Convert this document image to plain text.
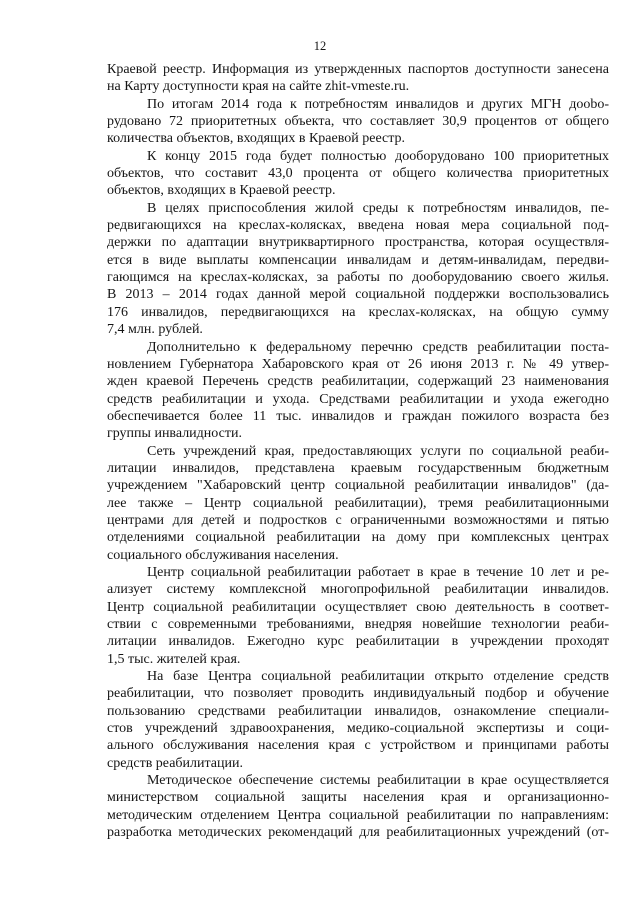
12
Краевой реестр. Информация из утвержденных паспортов доступности занесена
на Карту доступности края на сайте zhit-vmeste.ru.
По итогам 2014 года к потребностям инвалидов и других МГН доobo-
рудовано 72 приоритетных объекта, что составляет 30,9 процентов от общего
количества объектов, входящих в Краевой реестр.
К концу 2015 года будет полностью дооборудовано 100 приоритетных
объектов, что составит 43,0 процента от общего количества приоритетных
объектов, входящих в Краевой реестр.
В целях приспособления жилой среды к потребностям инвалидов, пе-
редвигающихся на креслах-колясках, введена новая мера социальной под-
держки по адаптации внутриквартирного пространства, которая осуществля-
ется в виде выплаты компенсации инвалидам и детям-инвалидам, передви-
гающимся на креслах-колясках, за работы по дооборудованию своего жилья.
В 2013 – 2014 годах данной мерой социальной поддержки воспользовались
176 инвалидов, передвигающихся на креслах-колясках, на общую сумму
7,4 млн. рублей.
Дополнительно к федеральному перечню средств реабилитации поста-
новлением Губернатора Хабаровского края от 26 июня 2013 г. № 49 утвер-
жден краевой Перечень средств реабилитации, содержащий 23 наименования
средств реабилитации и ухода. Средствами реабилитации и ухода ежегодно
обеспечивается более 11 тыс. инвалидов и граждан пожилого возраста без
группы инвалидности.
Сеть учреждений края, предоставляющих услуги по социальной реаби-
литации инвалидов, представлена краевым государственным бюджетным
учреждением "Хабаровский центр социальной реабилитации инвалидов" (да-
лее также – Центр социальной реабилитации), тремя реабилитационными
центрами для детей и подростков с ограниченными возможностями и пятью
отделениями социальной реабилитации на дому при комплексных центрах
социального обслуживания населения.
Центр социальной реабилитации работает в крае в течение 10 лет и ре-
ализует систему комплексной многопрофильной реабилитации инвалидов.
Центр социальной реабилитации осуществляет свою деятельность в соответ-
ствии с современными требованиями, внедряя новейшие технологии реаби-
литации инвалидов. Ежегодно курс реабилитации в учреждении проходят
1,5 тыс. жителей края.
На базе Центра социальной реабилитации открыто отделение средств
реабилитации, что позволяет проводить индивидуальный подбор и обучение
пользованию средствами реабилитации инвалидов, ознакомление специали-
стов учреждений здравоохранения, медико-социальной экспертизы и соци-
ального обслуживания населения края с устройством и принципами работы
средств реабилитации.
Методическое обеспечение системы реабилитации в крае осуществляется
министерством социальной защиты населения края и организационно-
методическим отделением Центра социальной реабилитации по направлениям:
разработка методических рекомендаций для реабилитационных учреждений (от-
